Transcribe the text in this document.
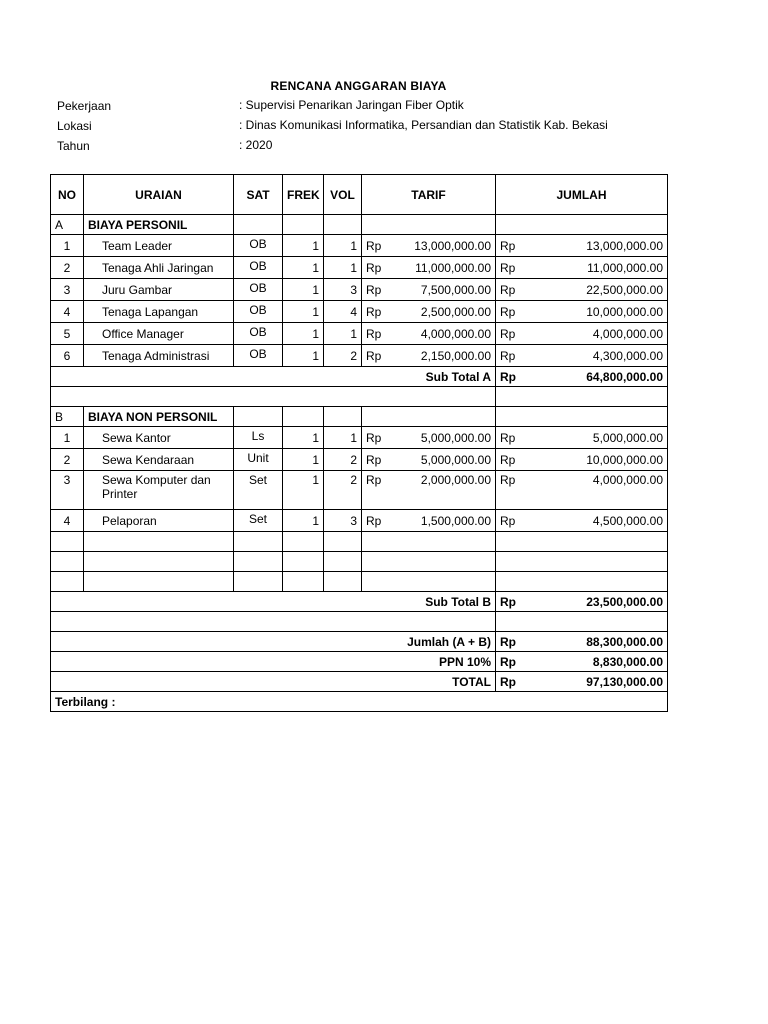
RENCANA ANGGARAN BIAYA
Pekerjaan	: Supervisi Penarikan Jaringan Fiber Optik
Lokasi	: Dinas Komunikasi Informatika, Persandian dan Statistik Kab. Bekasi
Tahun	: 2020
NO	URAIAN	SAT	FREK	VOL	TARIF	JUMLAH
A	BIAYA PERSONIL					
1	Team Leader	OB	1	1	Rp 13,000,000.00	Rp 13,000,000.00

2	Tenaga Ahli Jaringan	OB	1	1	Rp 11,000,000.00	Rp 11,000,000.00

3	Juru Gambar	OB	1	3	Rp 7,500,000.00	Rp 22,500,000.00

4	Tenaga Lapangan	OB	1	4	Rp 2,500,000.00	Rp 10,000,000.00

5	Office Manager	OB	1	1	Rp 4,000,000.00	Rp 4,000,000.00

6	Tenaga Administrasi	OB	1	2	Rp 2,150,000.00	Rp 4,300,000.00

Sub Total A						Rp 64,800,000.00

B	BIAYA NON PERSONIL					
1	Sewa Kantor	Ls	1	1	Rp 5,000,000.00	Rp 5,000,000.00

2	Sewa Kendaraan	Unit	1	2	Rp 5,000,000.00	Rp 10,000,000.00

3	Sewa Komputer dan Printer	Set	1	2	Rp 2,000,000.00	Rp 4,000,000.00

4	Pelaporan	Set	1	3	Rp 1,500,000.00	Rp 4,500,000.00

Sub Total B						Rp 23,500,000.00

Jumlah (A + B)						Rp 88,300,000.00

PPN 10%						Rp 8,830,000.00

TOTAL						Rp 97,130,000.00

Terbilang :						
